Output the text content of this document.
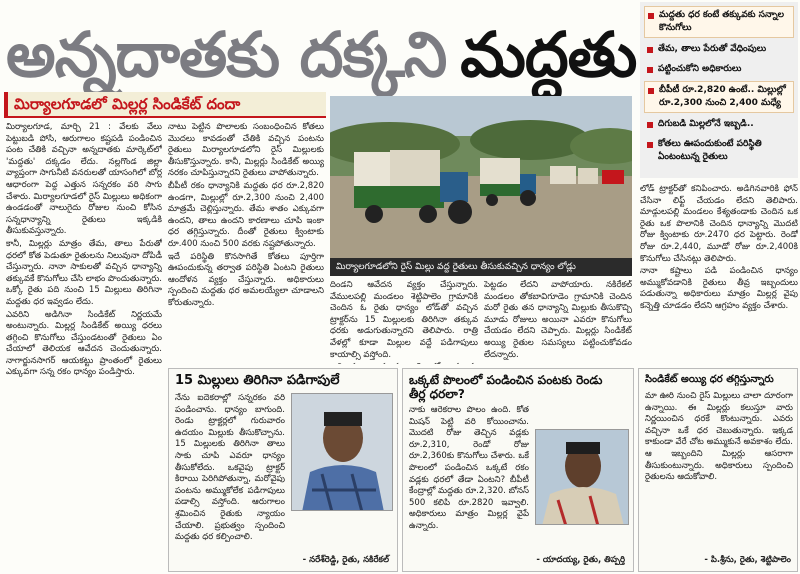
అన్నదాతకు దక్కని మద్దతు
మిర్యాలగూడలో మిల్లర్ల సిండికేట్ దందా

మిర్యాలగూడ, మార్చి 21 : వేలకు వేలు పెట్టుబడి పోసి, ఆరుగాలం కష్టపడి పండించిన పంట చేతికి వచ్చినా అన్నదాతకు మార్కెట్‌లో 'మద్దతు' దక్కడం లేదు. నల్లగొండ జిల్లా వ్యాప్తంగా సాగునీటి వనరులతో యాసంగిలో బోర్ల ఆధారంగా పెద్ద ఎత్తున సన్నరకం వరి సాగు చేశారు. మిర్యాలగూడలో రైస్ మిల్లులు అధికంగా ఉండడంతో నాలుగైదు రోజుల నుంచి కోసిన సన్నధాన్యాన్ని రైతులు ఇక్కడికి తీసుకువస్తున్నారు.

కానీ, మిల్లర్లు మాత్రం తేమ, తాలు పేరుతో ధరలో కోత పెడుతూ రైతులను నిలువునా దోపిడీ చేస్తున్నారు. నానా సాకులతో వచ్చిన ధాన్యాన్ని తక్కువకే కొనుగోలు చేసి లాభం పొందుతున్నారు. ఒక్కో రైతు పది నుంచి 15 మిల్లులు తిరిగినా మద్దతు ధర ఇవ్వడం లేదు.

ఎవరిని అడిగినా సిండికేట్ నిర్ణయమే అంటున్నారు. మిల్లర్ల సిండికేట్ అయ్యి ధరలు తగ్గించి కొనుగోలు చేస్తుండటంతో రైతులు ఏం చేయాలో తెలియక ఆవేదన చెందుతున్నారు. నాగార్జునసాగర్ ఆయకట్టు ప్రాంతంలో రైతులు ఎక్కువగా సన్న రకం ధాన్యం పండిస్తారు.

నాటు పెట్టిన పొలాలకు సంబంధించిన కోతలు మొదలు కావడంతో చేతికి వచ్చిన పంటను రైతులు మిర్యాలగూడలోని రైస్ మిల్లులకు తీసుకొస్తున్నారు. కానీ, మిల్లర్లు సిండికేట్ అయ్యి నరకం చూపిస్తున్నారని రైతులు వాపోతున్నారు.

బీపీటీ రకం ధాన్యానికి మద్దతు ధర రూ.2,820 ఉండగా, మిల్లుల్లో రూ.2,300 నుంచి 2,400 మాత్రమే చెల్లిస్తున్నారు. తేమ శాతం ఎక్కువగా ఉందని, తాలు ఉందని కారణాలు చూపి ఇంకా ధర తగ్గిస్తున్నారు. దీంతో రైతులు క్వింటాకు రూ.400 నుంచి 500 వరకు నష్టపోతున్నారు.

ఇదే పరిస్థితి కొనసాగితే కోతలు పూర్తిగా ఊపందుకున్న తర్వాత పరిస్థితి ఏంటని రైతులు ఆందోళన వ్యక్తం చేస్తున్నారు. అధికారులు స్పందించి మద్దతు ధర అమలయ్యేలా చూడాలని కోరుతున్నారు.

మిర్యాలగూడలోని రైస్ మిల్లు వద్ద రైతులు తీసుకువచ్చిన ధాన్యం లోడ్లు

దిండని ఆవేదన వ్యక్తం చేస్తున్నారు. వేములపల్లి మండలం శెట్టిపాలెం గ్రామానికి చెందిన ఓ రైతు ధాన్యం లోడ్‌తో వచ్చిన ట్రాక్టర్‌ను 15 మిల్లులకు తిరిగినా తక్కువ ధరకు అడుగుతున్నారని తెలిపారు. రాత్రి వేళల్లో కూడా మిల్లుల వద్దే పడిగాపులు కాయాల్సి వస్తోంది.

పెట్టడం లేదని వాపోయారు. నకిరేకల్ మండలం తోకబావిగూడెం గ్రామానికి చెందిన మరో రైతు తన ధాన్యాన్ని మిల్లుకు తీసుకొచ్చి మూడు రోజులు అయినా ఎవరూ కొనుగోలు చేయడం లేదని చెప్పారు. మిల్లర్లు సిండికేట్ అయ్యి రైతుల సమస్యలు పట్టించుకోవడం లేదన్నారు.

మద్దతు ధర కంటే తక్కువకు సన్నాల కొనుగోలు
తేమ, తాలు పేరుతో వేధింపులు
పట్టించుకోని అధికారులు
బీపీటీ రూ.2,820 ఉంటే.. మిల్లుల్లో రూ.2,300 నుంచి 2,400 మధ్యే
దిగుబడి మిల్లలోనే ఇబ్బడి..
కోతలు ఊపందుకుంటే పరిస్థితి ఏంటంటున్న రైతులు

లోడ్ ట్రాక్టర్‌తో కనిపించారు. అడిగినవారికి ఫోన్ చేసినా లిఫ్ట్ చేయడం లేదని తెలిపారు. మాడ్గులపల్లి మండలం కేశ్యతండాకు చెందిన ఒక రైతు ఒక పొలానికి చెందిన ధాన్యాన్ని మొదటి రోజు క్వింటాకు రూ.2470 ధర పెట్టారు. రెండో రోజు రూ.2,440, మూడో రోజు రూ.2,400కి కొనుగోలు చేసినట్లు తెలిపారు.

నానా కష్టాలు పడి పండించిన ధాన్యం అమ్ముకోవడానికి రైతులు తీవ్ర ఇబ్బందులు పడుతున్నా అధికారులు మాత్రం మిల్లర్ల వైపు కన్నెత్తి చూడడం లేదని ఆగ్రహం వ్యక్తం చేశారు.

15 మిల్లులు తిరిగినా పడిగాపులే
నేను ఐదెకరాల్లో సన్నరకం వరి పండించాను. ధాన్యం బాగుంది. రెండు ట్రాక్టర్లలో గురువారం ఉదయం మిల్లుకు తీసుకొచ్చాను. 15 మిల్లులకు తిరిగినా తాలు సాకు చూపి ఎవరూ ధాన్యం తీసుకోలేదు. ఒకవైపు ట్రాక్టర్ కిరాయి పెరిగిపోతున్నా, మరోవైపు పంటను అమ్ముకోలేక పడిగాపులు పడాల్సి వస్తోంది. ఆరుగాలం శ్రమించిన రైతుకు న్యాయం చేయాలి. ప్రభుత్వం స్పందించి మద్దతు ధర కల్పించాలి.
- నరేశ్‌రెడ్డి, రైతు, నకిరేకల్
ఒక్కటే పొలంలో పండించిన పంటకు రెండు తీర్ల ధరలా?
నాకు ఆరెకరాల పొలం ఉంది. కోత మిషన్ పెట్టి వరి కోయించాను. మొదటి రోజు తెచ్చిన వడ్లకు రూ.2,310, రెండో రోజు రూ.2,360కు కొనుగోలు చేశారు. ఒకే పొలంలో పండించిన ఒక్కటే రకం వడ్లకు ధరలో తేడా ఏంటని? బీపీటీ కేంద్రాల్లో మద్దతు రూ.2,320. బోనస్ 500 కలిపి రూ.2820 ఇవ్వాలి. అధికారులు మాత్రం మిల్లర్ల వైపే ఉన్నారు.
- యాదయ్య, రైతు, తిప్పర్తి
సిండికేట్ అయ్యి ధర తగ్గిస్తున్నారు
మా ఊరి నుంచి రైస్ మిల్లులు చాలా దూరంగా ఉన్నాయి. ఈ మిల్లర్లు కలుస్తూ వారు నిర్ణయించిన ధరకే కొంటున్నారు. ఎవరు వచ్చినా ఒకే ధర చెబుతున్నారు. ఇక్కడ కాకుండా వేరే చోట అమ్ముకునే అవకాశం లేదు. ఆ ఇబ్బందిని మిల్లర్లు ఆసరాగా తీసుకుంటున్నారు. అధికారులు స్పందించి రైతులను ఆదుకోవాలి.
- పి.శ్రీను, రైతు, శెట్టిపాలెం
